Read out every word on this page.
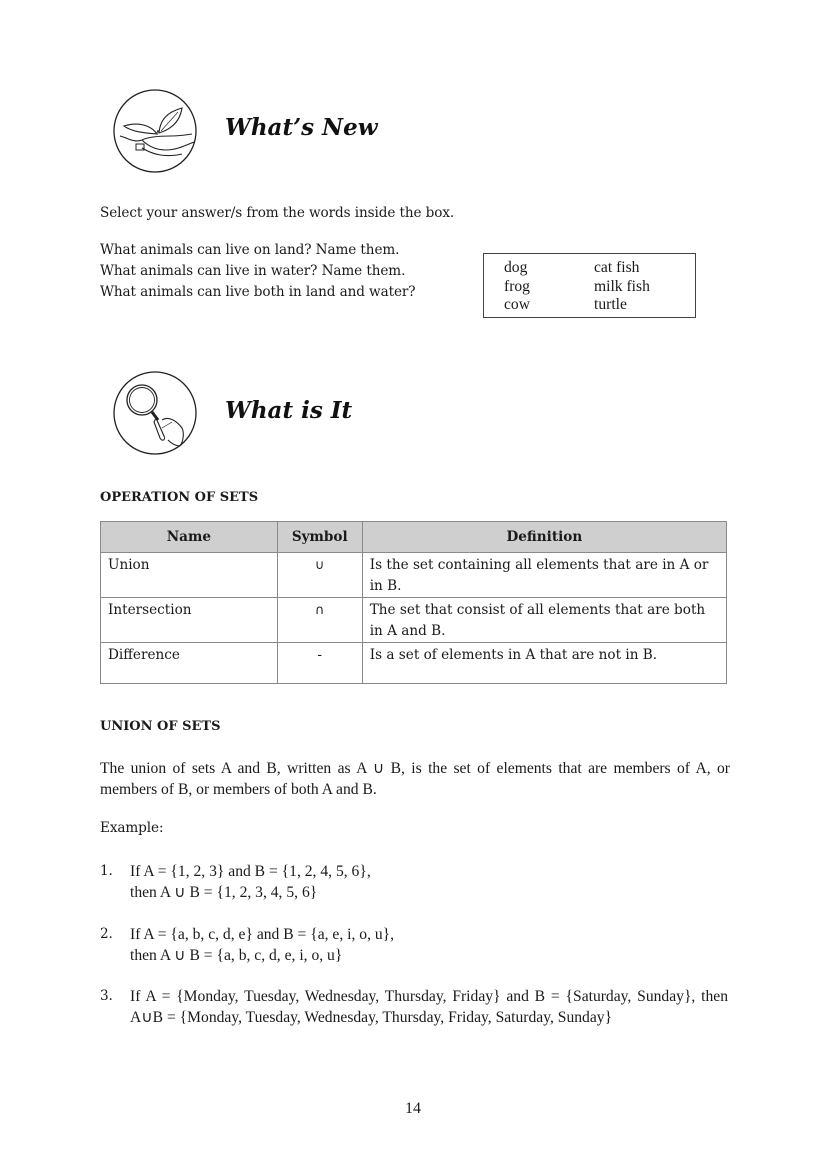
What’s New
Select your answer/s from the words inside the box.
What animals can live on land? Name them.
What animals can live in water? Name them.
What animals can live both in land and water?
dog	cat fish
frog	milk fish
cow	turtle
What is It
OPERATION OF SETS
Name	Symbol	Definition
Union	∪	Is the set containing all elements that are in A or in B.
Intersection	∩	The set that consist of all elements that are both in A and B.
Difference	-	Is a set of elements in A that are not in B.
UNION OF SETS
The union of sets A and B, written as A ∪ B, is the set of elements that are members of A, or members of B, or members of both A and B.
Example:
1. If A = {1, 2, 3} and B = {1, 2, 4, 5, 6},
then A ∪ B = {1, 2, 3, 4, 5, 6}
2. If A = {a, b, c, d, e} and B = {a, e, i, o, u},
then A ∪ B = {a, b, c, d, e, i, o, u}
3. If A = {Monday, Tuesday, Wednesday, Thursday, Friday} and B = {Saturday, Sunday}, then A∪B = {Monday, Tuesday, Wednesday, Thursday, Friday, Saturday, Sunday}
14
